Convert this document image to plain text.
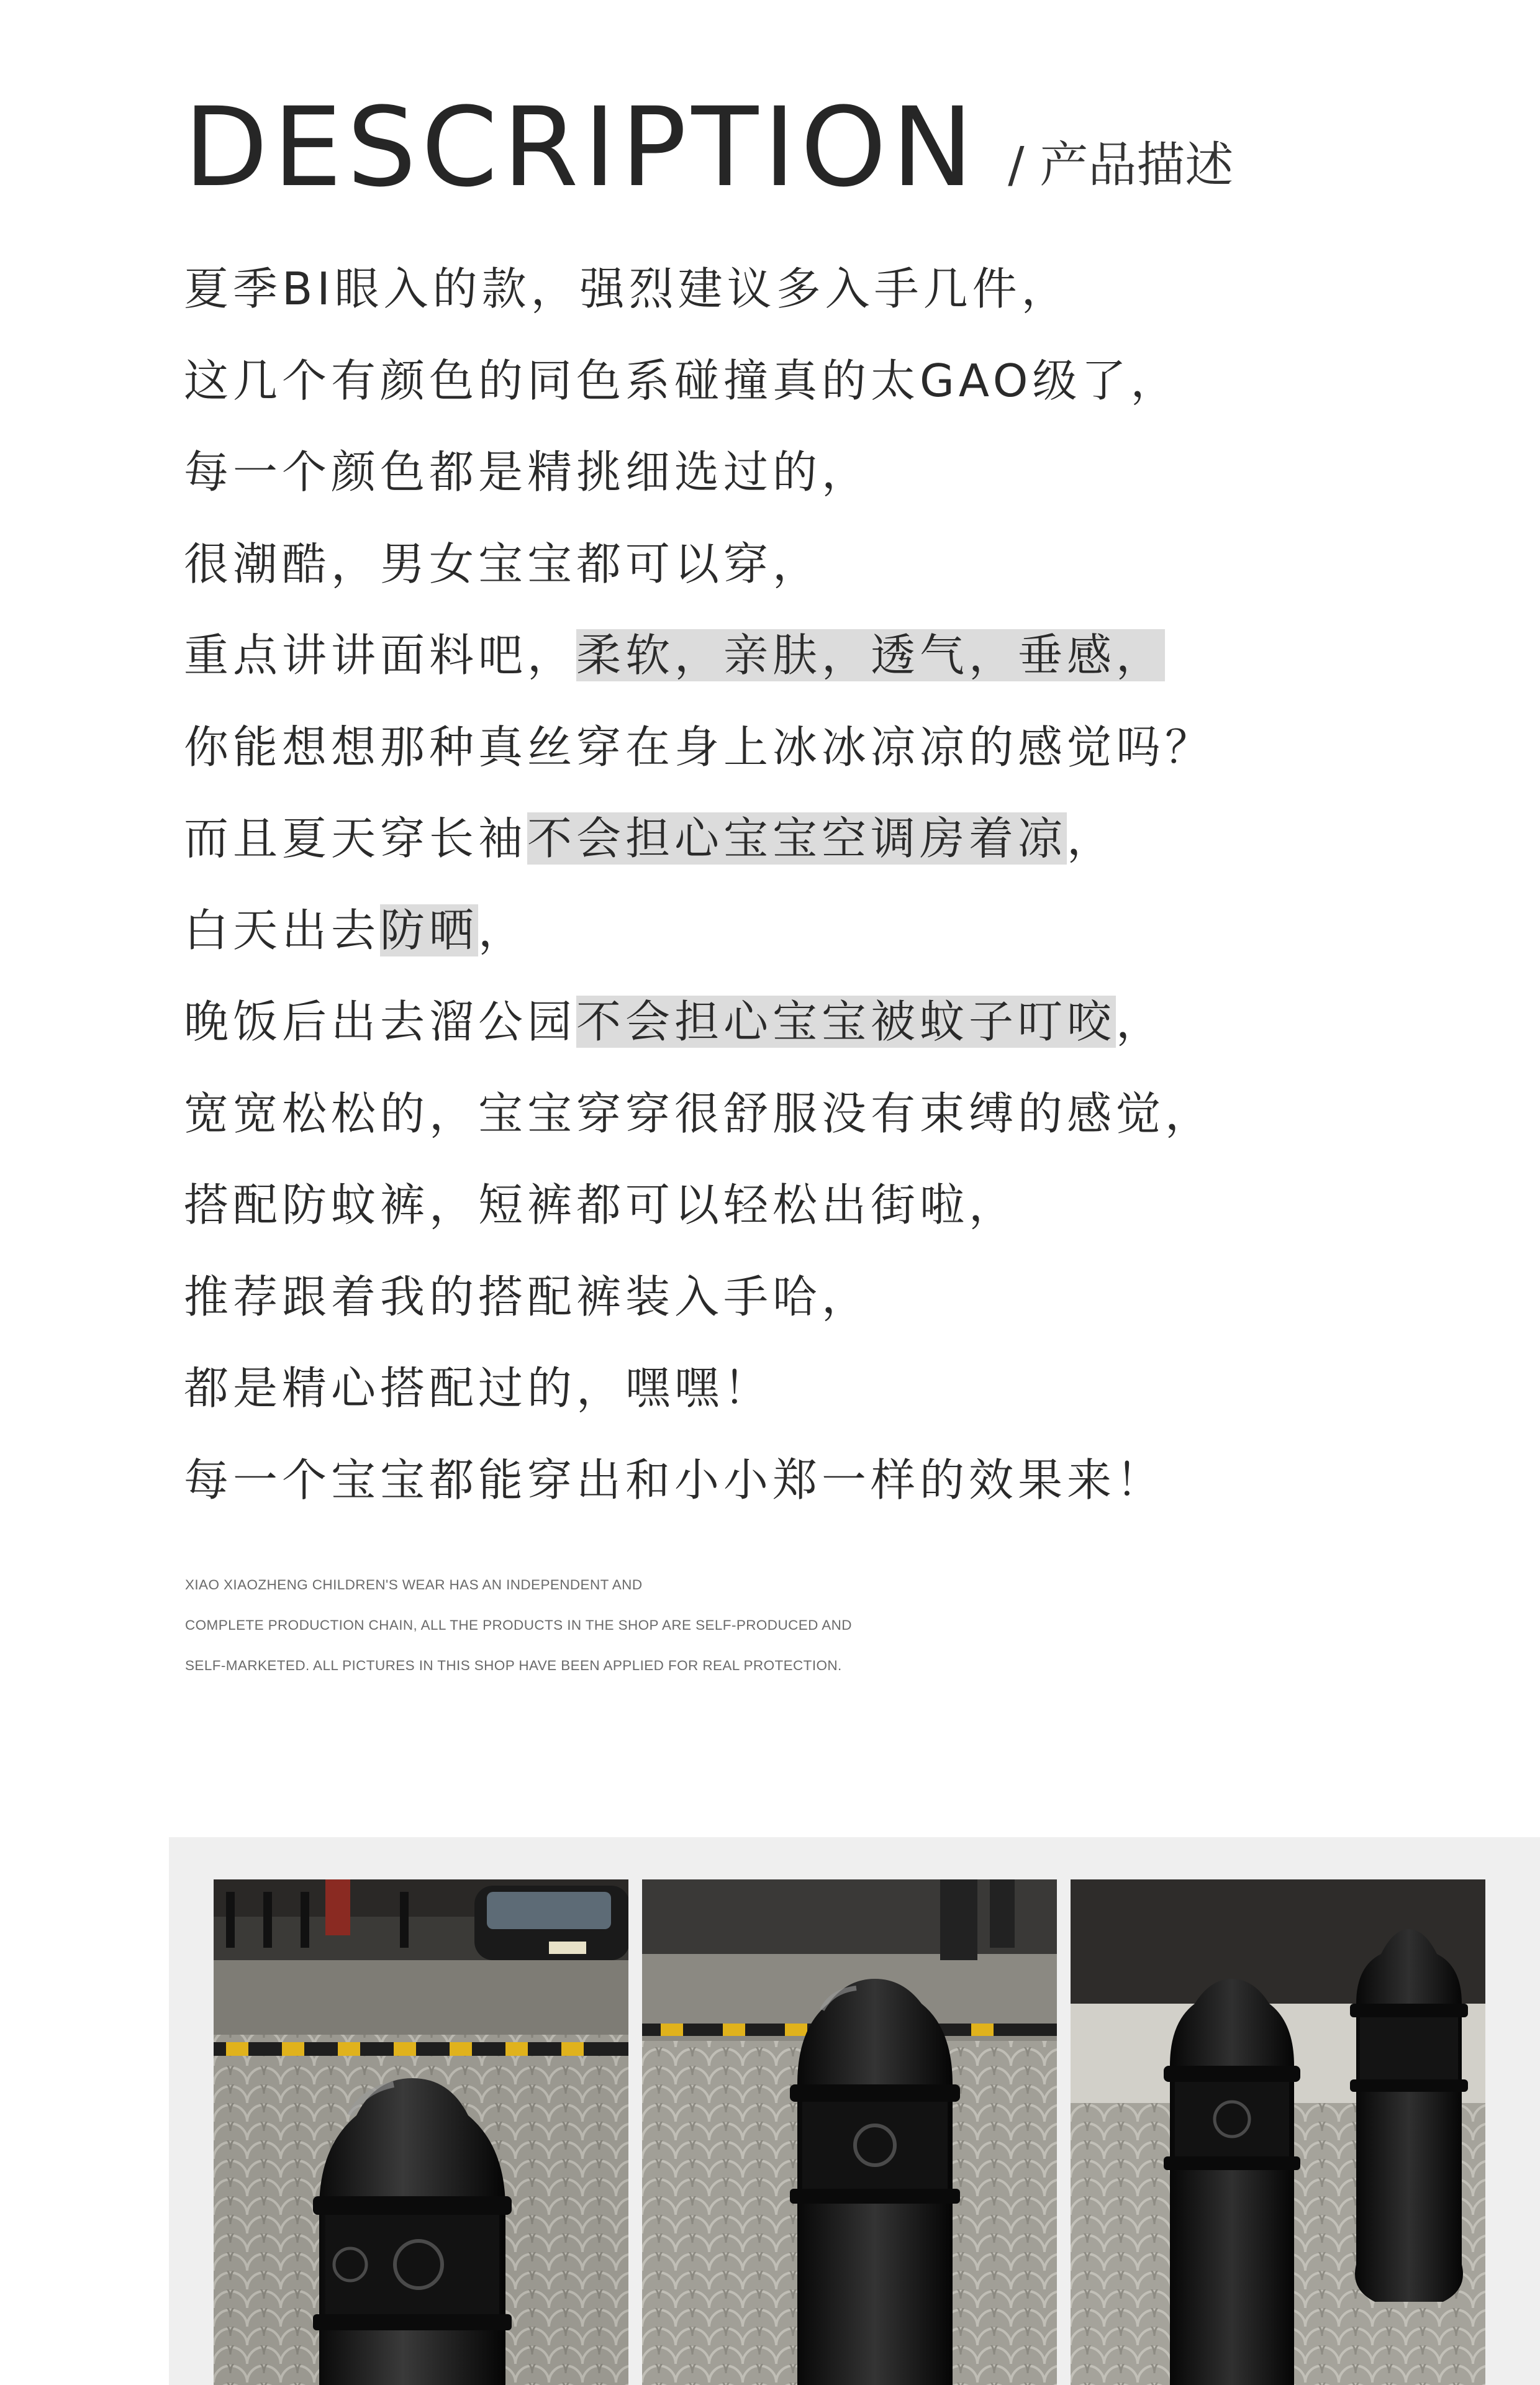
DESCRIPTION / 产品描述
夏季BI眼入的款，强烈建议多入手几件，
这几个有颜色的同色系碰撞真的太GAO级了，
每一个颜色都是精挑细选过的，
很潮酷，男女宝宝都可以穿，
重点讲讲面料吧，柔软，亲肤，透气，垂感，
你能想想那种真丝穿在身上冰冰凉凉的感觉吗？
而且夏天穿长袖不会担心宝宝空调房着凉，
白天出去防晒，
晚饭后出去溜公园不会担心宝宝被蚊子叮咬，
宽宽松松的，宝宝穿穿很舒服没有束缚的感觉，
搭配防蚊裤，短裤都可以轻松出街啦，
推荐跟着我的搭配裤装入手哈，
都是精心搭配过的，嘿嘿！
每一个宝宝都能穿出和小小郑一样的效果来！
XIAO XIAOZHENG CHILDREN'S WEAR HAS AN INDEPENDENT AND
COMPLETE PRODUCTION CHAIN, ALL THE PRODUCTS IN THE SHOP ARE SELF-PRODUCED AND
SELF-MARKETED. ALL PICTURES IN THIS SHOP HAVE BEEN APPLIED FOR REAL PROTECTION.
